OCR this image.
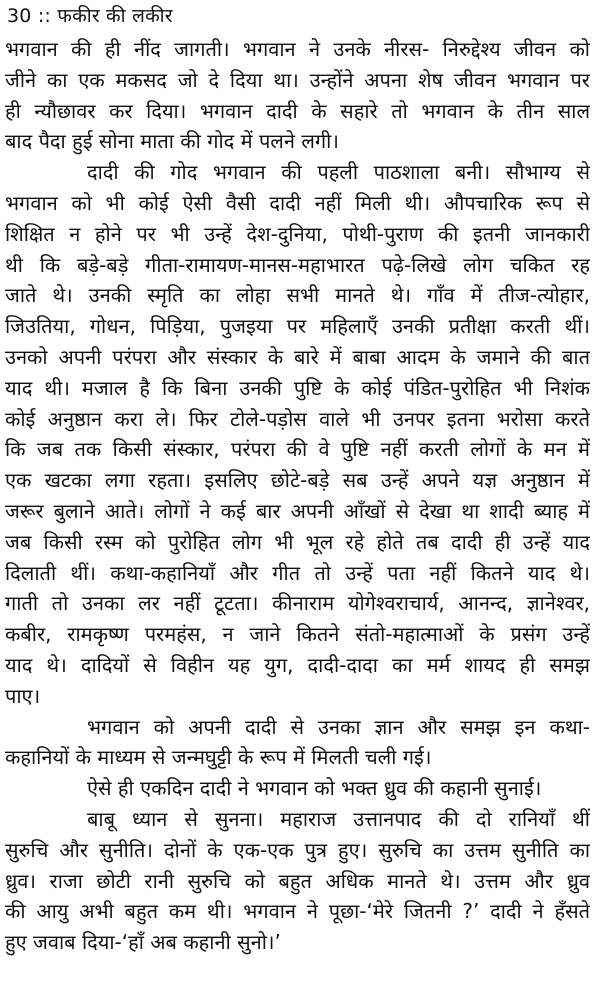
30 :: फकीर की लकीर
भगवान की ही नींद जागती। भगवान ने उनके नीरस- निरुद्देश्य जीवन को
जीने का एक मकसद जो दे दिया था। उन्होंने अपना शेष जीवन भगवान पर
ही न्यौछावर कर दिया। भगवान दादी के सहारे तो भगवान के तीन साल
बाद पैदा हुई सोना माता की गोद में पलने लगी।
दादी की गोद भगवान की पहली पाठशाला बनी। सौभाग्य से
भगवान को भी कोई ऐसी वैसी दादी नहीं मिली थी। औपचारिक रूप से
शिक्षित न होने पर भी उन्हें देश-दुनिया, पोथी-पुराण की इतनी जानकारी
थी कि बड़े-बड़े गीता-रामायण-मानस-महाभारत पढ़े-लिखे लोग चकित रह
जाते थे। उनकी स्मृति का लोहा सभी मानते थे। गाँव में तीज-त्योहार,
जिउतिया, गोधन, पिड़िया, पुजइया पर महिलाएँ उनकी प्रतीक्षा करती थीं।
उनको अपनी परंपरा और संस्कार के बारे में बाबा आदम के जमाने की बात
याद थी। मजाल है कि बिना उनकी पुष्टि के कोई पंडित-पुरोहित भी निशंक
कोई अनुष्ठान करा ले। फिर टोले-पड़ोस वाले भी उनपर इतना भरोसा करते
कि जब तक किसी संस्कार, परंपरा की वे पुष्टि नहीं करती लोगों के मन में
एक खटका लगा रहता। इसलिए छोटे-बड़े सब उन्हें अपने यज्ञ अनुष्ठान में
जरूर बुलाने आते। लोगों ने कई बार अपनी आँखों से देखा था शादी ब्याह में
जब किसी रस्म को पुरोहित लोग भी भूल रहे होते तब दादी ही उन्हें याद
दिलाती थीं। कथा-कहानियाँ और गीत तो उन्हें पता नहीं कितने याद थे।
गाती तो उनका लर नहीं टूटता। कीनाराम योगेश्वराचार्य, आनन्द, ज्ञानेश्वर,
कबीर, रामकृष्ण परमहंस, न जाने कितने संतो-महात्माओं के प्रसंग उन्हें
याद थे। दादियों से विहीन यह युग, दादी-दादा का मर्म शायद ही समझ
पाए।
भगवान को अपनी दादी से उनका ज्ञान और समझ इन कथा-
कहानियों के माध्यम से जन्मघुट्टी के रूप में मिलती चली गई।
ऐसे ही एकदिन दादी ने भगवान को भक्त ध्रुव की कहानी सुनाई।
बाबू ध्यान से सुनना। महाराज उत्तानपाद की दो रानियाँ थीं
सुरुचि और सुनीति। दोनों के एक-एक पुत्र हुए। सुरुचि का उत्तम सुनीति का
ध्रुव। राजा छोटी रानी सुरुचि को बहुत अधिक मानते थे। उत्तम और ध्रुव
की आयु अभी बहुत कम थी। भगवान ने पूछा-‘मेरे जितनी ?’ दादी ने हँसते
हुए जवाब दिया-‘हाँ अब कहानी सुनो।’
